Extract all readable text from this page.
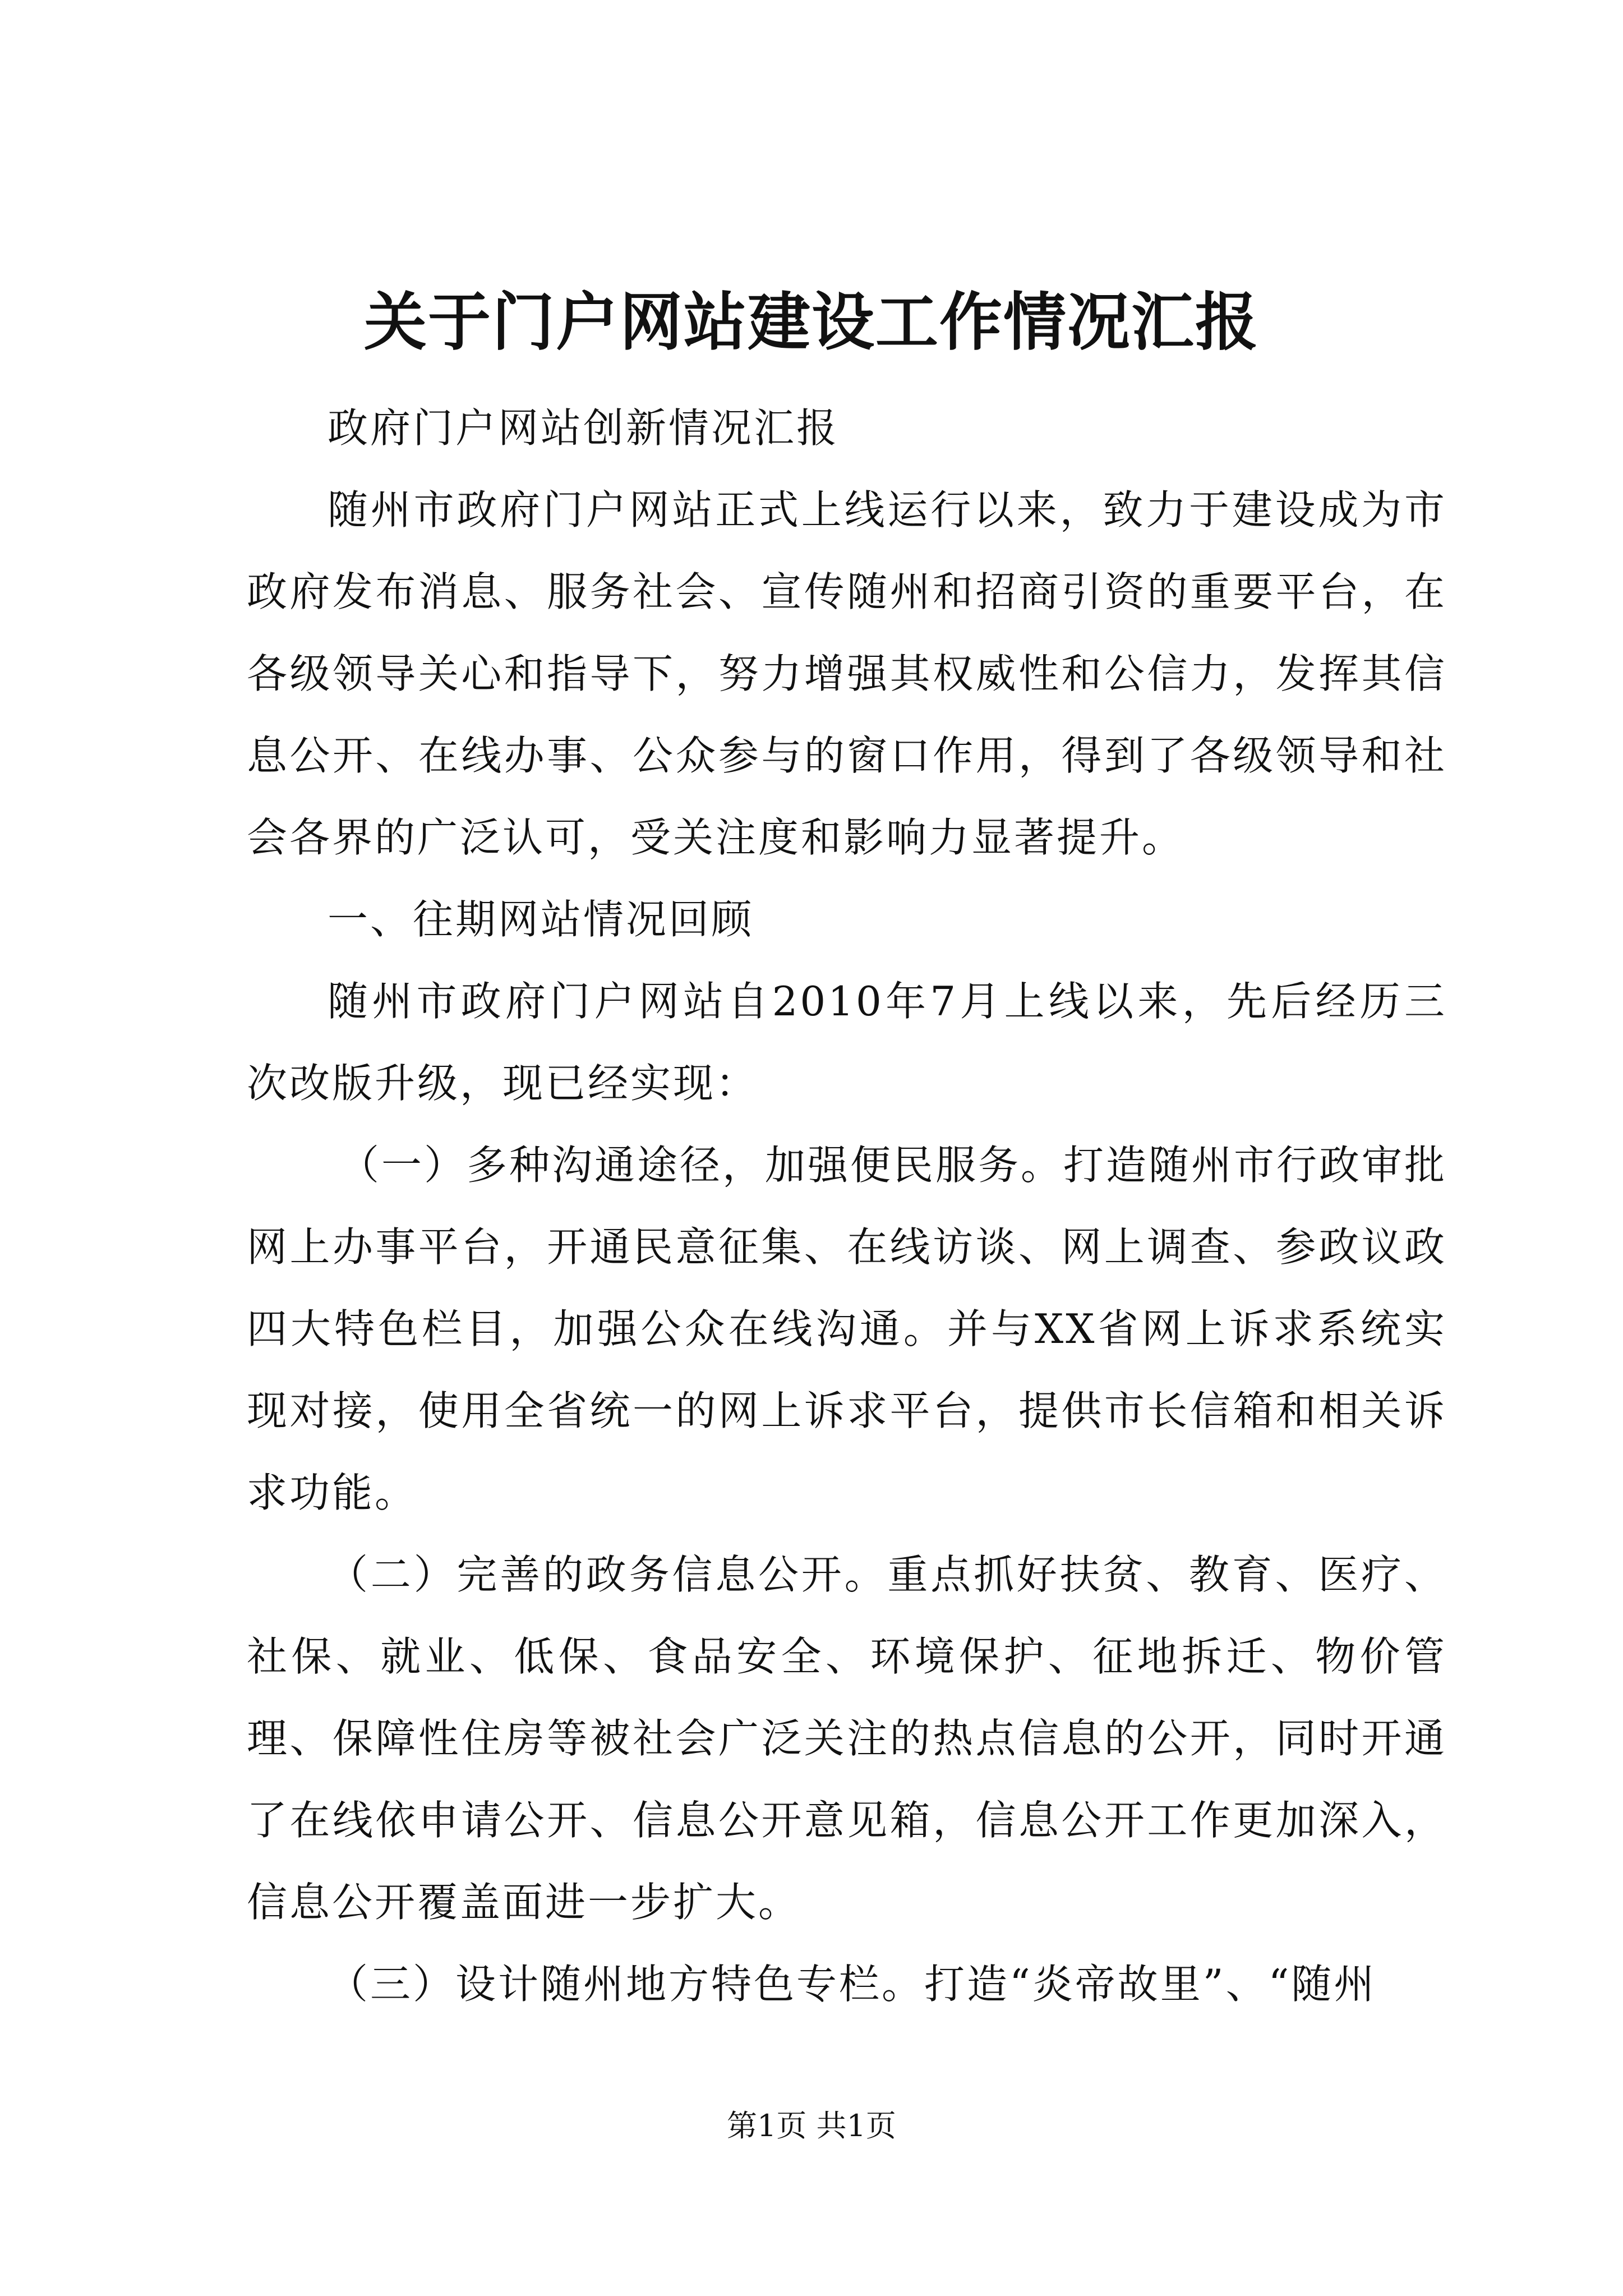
关于门户网站建设工作情况汇报

政府门户网站创新情况汇报

随州市政府门户网站正式上线运行以来，致力于建设成为市政府发布消息、服务社会、宣传随州和招商引资的重要平台，在各级领导关心和指导下，努力增强其权威性和公信力，发挥其信息公开、在线办事、公众参与的窗口作用，得到了各级领导和社会各界的广泛认可，受关注度和影响力显著提升。

一、往期网站情况回顾

随州市政府门户网站自2010年7月上线以来，先后经历三次改版升级，现已经实现：

（一）多种沟通途径，加强便民服务。打造随州市行政审批网上办事平台，开通民意征集、在线访谈、网上调查、参政议政四大特色栏目，加强公众在线沟通。并与XX省网上诉求系统实现对接，使用全省统一的网上诉求平台，提供市长信箱和相关诉求功能。

（二）完善的政务信息公开。重点抓好扶贫、教育、医疗、社保、就业、低保、食品安全、环境保护、征地拆迁、物价管理、保障性住房等被社会广泛关注的热点信息的公开，同时开通了在线依申请公开、信息公开意见箱，信息公开工作更加深入，信息公开覆盖面进一步扩大。

（三）设计随州地方特色专栏。打造“炎帝故里”、“随州

第1页 共1页
